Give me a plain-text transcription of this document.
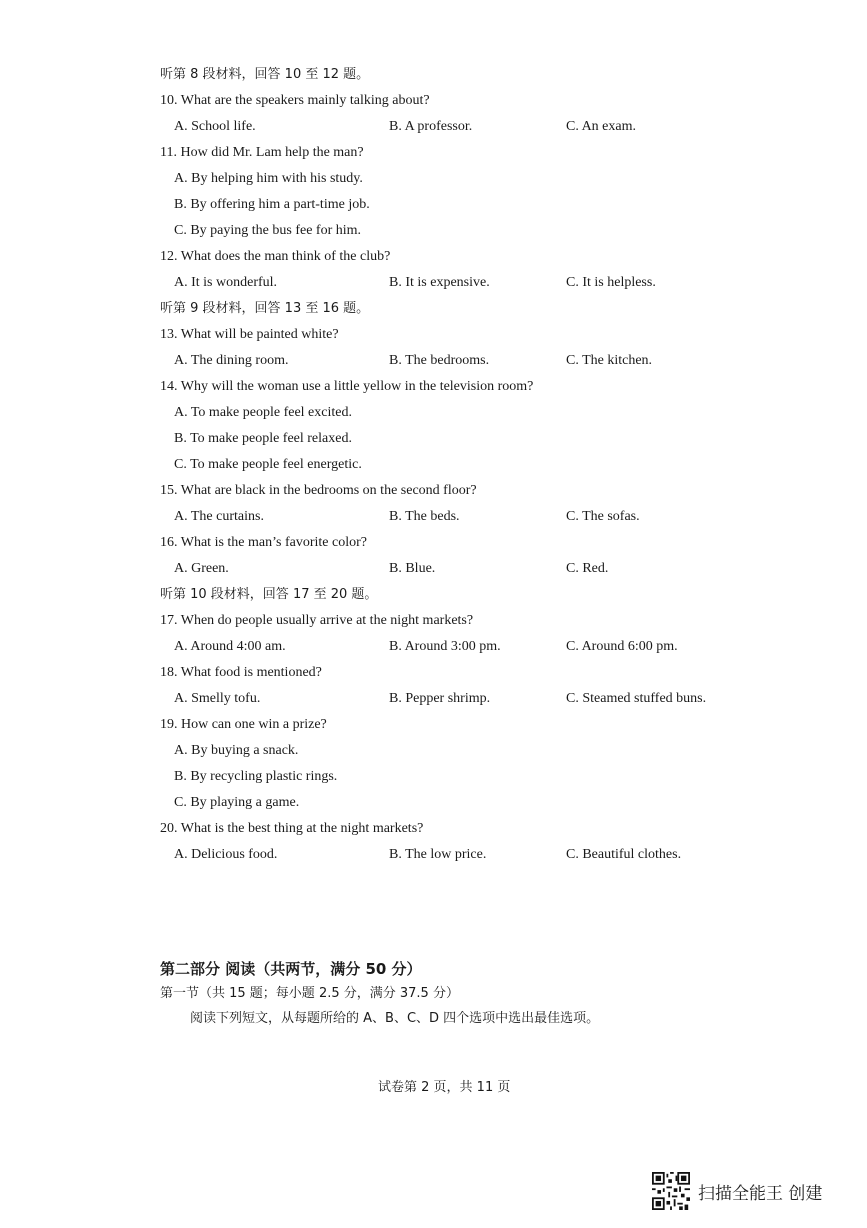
听第 8 段材料，回答 10 至 12 题。
10. What are the speakers mainly talking about?
A. School life.	B. A professor.	C. An exam.
11. How did Mr. Lam help the man?
A. By helping him with his study.
B. By offering him a part-time job.
C. By paying the bus fee for him.
12. What does the man think of the club?
A. It is wonderful.	B. It is expensive.	C. It is helpless.
听第 9 段材料，回答 13 至 16 题。
13. What will be painted white?
A. The dining room.	B. The bedrooms.	C. The kitchen.
14. Why will the woman use a little yellow in the television room?
A. To make people feel excited.
B. To make people feel relaxed.
C. To make people feel energetic.
15. What are black in the bedrooms on the second floor?
A. The curtains.	B. The beds.	C. The sofas.
16. What is the man’s favorite color?
A. Green.	B. Blue.	C. Red.
听第 10 段材料，回答 17 至 20 题。
17. When do people usually arrive at the night markets?
A. Around 4:00 am.	B. Around 3:00 pm.	C. Around 6:00 pm.
18. What food is mentioned?
A. Smelly tofu.	B. Pepper shrimp.	C. Steamed stuffed buns.
19. How can one win a prize?
A. By buying a snack.
B. By recycling plastic rings.
C. By playing a game.
20. What is the best thing at the night markets?
A. Delicious food.	B. The low price.	C. Beautiful clothes.
第二部分 阅读（共两节，满分 50 分）
第一节（共 15 题；每小题 2.5 分，满分 37.5 分）
阅读下列短文，从每题所给的 A、B、C、D 四个选项中选出最佳选项。
试卷第 2 页，共 11 页
扫描全能王 创建
